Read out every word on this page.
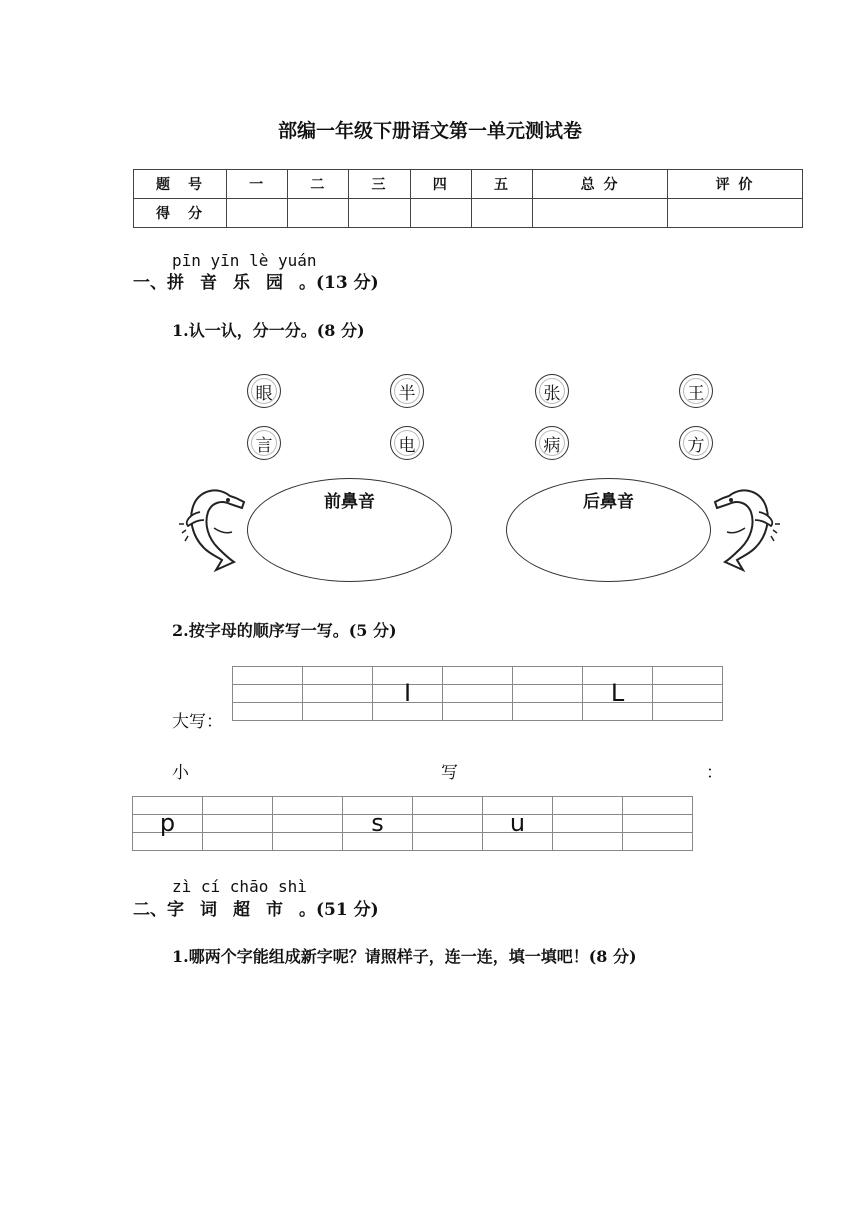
部编一年级下册语文第一单元测试卷
题　号	一	二	三	四	五	总 分	评 价
得　分							
pīn yīn lè yuán
一、拼音乐园。(13 分)
1.认一认，分一分。(8 分)
眼	半	张	王
言	电	病	方
前鼻音	后鼻音
2.按字母的顺序写一写。(5 分)

		I			L	

大写：
小	写	：

p			s		u		

zì cí chāo shì
二、字词超市。(51 分)
1.哪两个字能组成新字呢？请照样子，连一连，填一填吧！(8 分)
